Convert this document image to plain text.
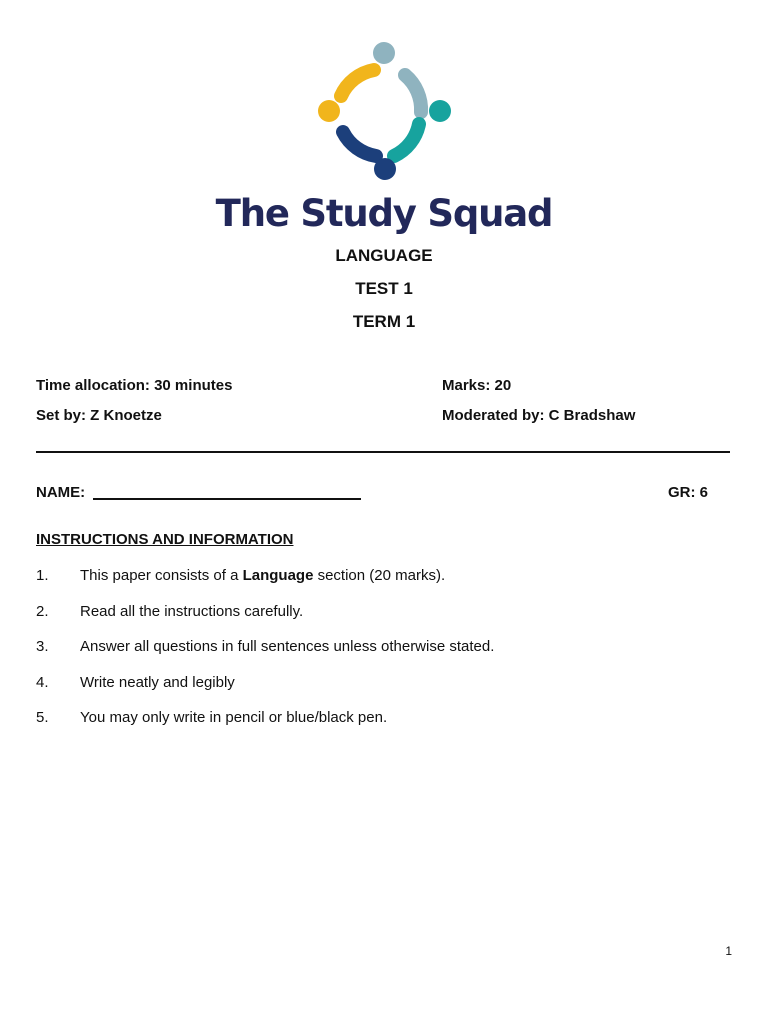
The Study Squad
LANGUAGE
TEST 1
TERM 1
Time allocation: 30 minutes	Marks: 20
Set by: Z Knoetze	Moderated by: C Bradshaw
NAME:	GR: 6
INSTRUCTIONS AND INFORMATION
1. This paper consists of a Language section (20 marks).
2. Read all the instructions carefully.
3. Answer all questions in full sentences unless otherwise stated.
4. Write neatly and legibly
5. You may only write in pencil or blue/black pen.
1
